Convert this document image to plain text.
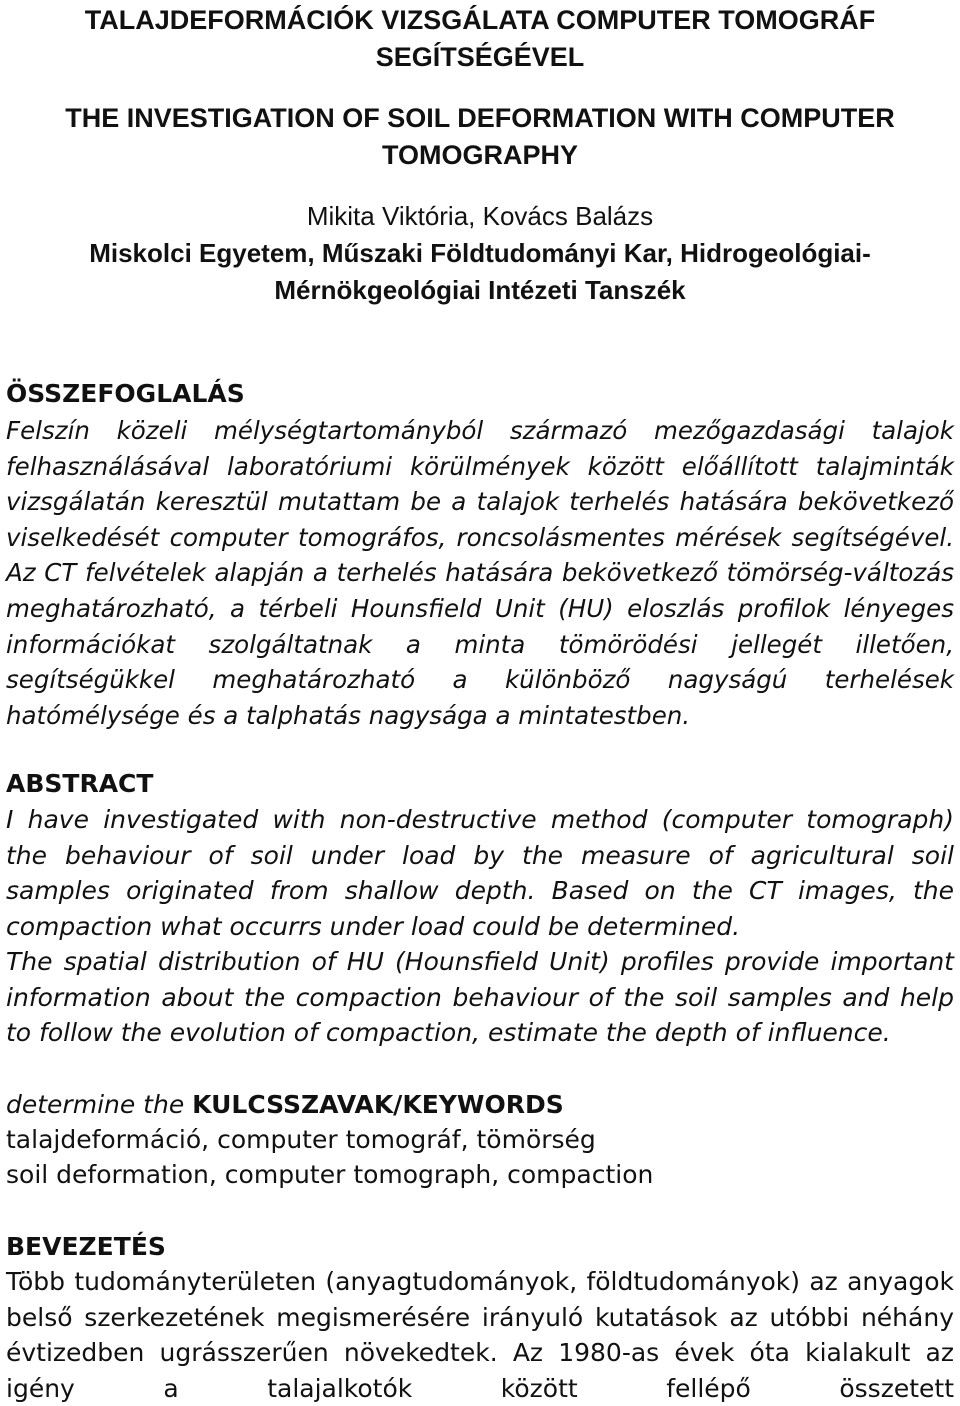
TALAJDEFORMÁCIÓK VIZSGÁLATA COMPUTER TOMOGRÁF
SEGÍTSÉGÉVEL
THE INVESTIGATION OF SOIL DEFORMATION WITH COMPUTER
TOMOGRAPHY
Mikita Viktória, Kovács Balázs
Miskolci Egyetem, Műszaki Földtudományi Kar, Hidrogeológiai-
Mérnökgeológiai Intézeti Tanszék
ÖSSZEFOGLALÁS
Felszín közeli mélységtartományból származó mezőgazdasági talajok felhasználásával laboratóriumi körülmények között előállított talajminták vizsgálatán keresztül mutattam be a talajok terhelés hatására bekövetkező viselkedését computer tomográfos, roncsolásmentes mérések segítségével. Az CT felvételek alapján a terhelés hatására bekövetkező tömörség-változás meghatározható, a térbeli Hounsfield Unit (HU) eloszlás profilok lényeges információkat szolgáltatnak a minta tömörödési jellegét illetően, segítségükkel meghatározható a különböző nagyságú terhelések hatómélysége és a talphatás nagysága a mintatestben.
ABSTRACT
I have investigated with non-destructive method (computer tomograph) the behaviour of soil under load by the measure of agricultural soil samples originated from shallow depth. Based on the CT images, the compaction what occurrs under load could be determined.
The spatial distribution of HU (Hounsfield Unit) profiles provide important information about the compaction behaviour of the soil samples and help to follow the evolution of compaction, estimate the depth of influence.
determine the KULCSSZAVAK/KEYWORDS
talajdeformáció, computer tomográf, tömörség
soil deformation, computer tomograph, compaction
BEVEZETÉS
Több tudományterületen (anyagtudományok, földtudományok) az anyagok belső szerkezetének megismerésére irányuló kutatások az utóbbi néhány évtizedben ugrásszerűen növekedtek. Az 1980-as évek óta kialakult az igény a talajalkotók között fellépő összetett
